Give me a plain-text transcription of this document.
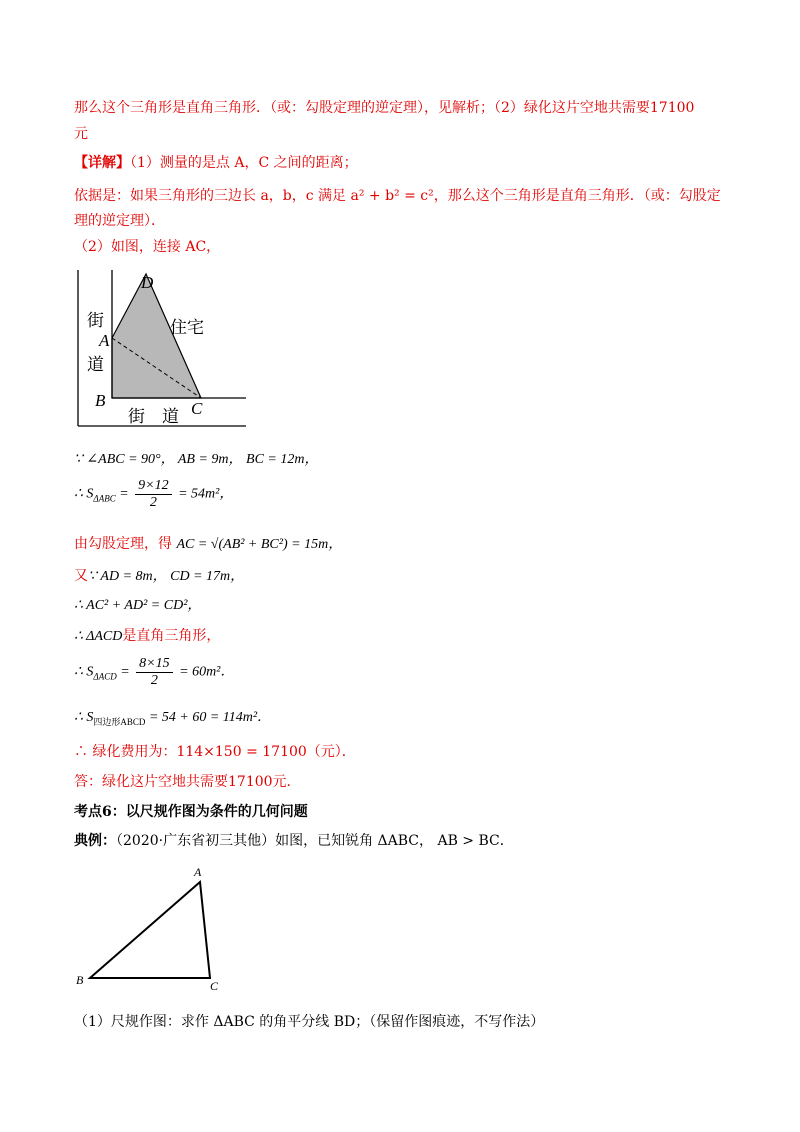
那么这个三角形是直角三角形．（或：勾股定理的逆定理），见解析；（2）绿化这片空地共需要17100
元
【详解】（1）测量的是点 A，C 之间的距离；
依据是：如果三角形的三边长 a，b，c 满足 a² + b² = c²，那么这个三角形是直角三角形．（或：勾股定
理的逆定理）．
（2）如图，连接 AC，
街
道
街　道
住宅
D
A
B	C
∵ ∠ABC = 90°， AB = 9m， BC = 12m，
∴ $S_{\Delta ABC} = \frac{9\times 12}{2} = 54m^2$，
由勾股定理，得 AC = √(AB² + BC²) = 15m，
又∵ AD = 8m， CD = 17m，
∴ AC² + AD² = CD²，
∴ ΔACD是直角三角形，
∴ $S_{\Delta ACD} = \frac{8\times 15}{2} = 60m^2$．
∴ $S_{四边形ABCD} = 54 + 60 = 114m^2$．
∴ 绿化费用为：114×150 = 17100（元）．
答：绿化这片空地共需要17100元．
考点6：以尺规作图为条件的几何问题
典例：（2020·广东省初三其他）如图，已知锐角 ΔABC， AB > BC．
A
B	C
（1）尺规作图：求作 ΔABC 的角平分线 BD；（保留作图痕迹，不写作法）
